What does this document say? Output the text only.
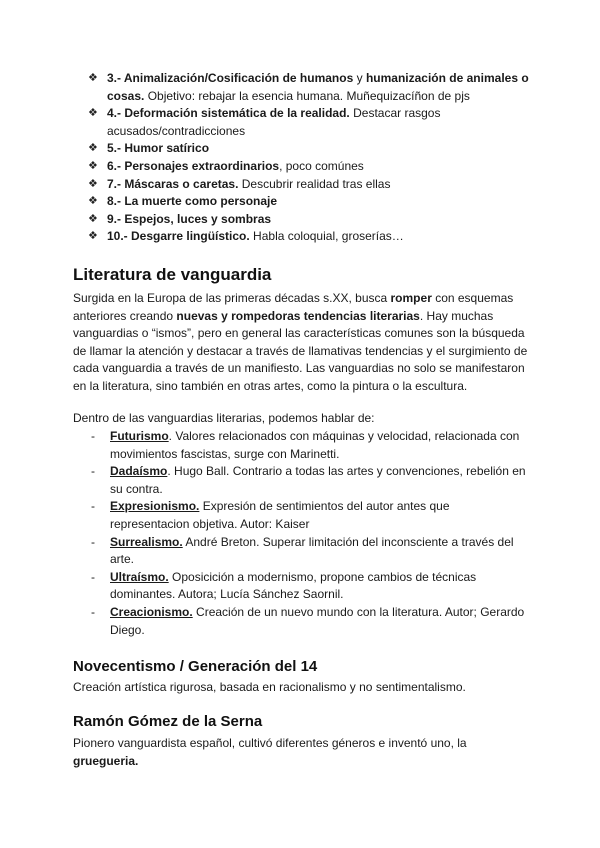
❖ 3.- Animalización/Cosificación de humanos y humanización de animales o cosas. Objetivo: rebajar la esencia humana. Muñequizacíñon de pjs
❖ 4.- Deformación sistemática de la realidad. Destacar rasgos acusados/contradicciones
❖ 5.- Humor satírico
❖ 6.- Personajes extraordinarios, poco comúnes
❖ 7.- Máscaras o caretas. Descubrir realidad tras ellas
❖ 8.- La muerte como personaje
❖ 9.- Espejos, luces y sombras
❖ 10.- Desgarre lingüístico. Habla coloquial, groserías…
Literatura de vanguardia

Surgida en la Europa de las primeras décadas s.XX, busca romper con esquemas anteriores creando nuevas y rompedoras tendencias literarias. Hay muchas vanguardias o “ismos”, pero en general las características comunes son la búsqueda de llamar la atención y destacar a través de llamativas tendencias y el surgimiento de cada vanguardia a través de un manifiesto. Las vanguardias no solo se manifestaron en la literatura, sino también en otras artes, como la pintura o la escultura.

Dentro de las vanguardias literarias, podemos hablar de:

- Futurismo. Valores relacionados con máquinas y velocidad, relacionada con movimientos fascistas, surge con Marinetti.
- Dadaísmo. Hugo Ball. Contrario a todas las artes y convenciones, rebelión en su contra.
- Expresionismo. Expresión de sentimientos del autor antes que representacion objetiva. Autor: Kaiser
- Surrealismo. André Breton. Superar limitación del inconsciente a través del arte.
- Ultraísmo. Oposicición a modernismo, propone cambios de técnicas dominantes. Autora; Lucía Sánchez Saornil.
- Creacionismo. Creación de un nuevo mundo con la literatura. Autor; Gerardo Diego.
Novecentismo / Generación del 14

Creación artística rigurosa, basada en racionalismo y no sentimentalismo.

Ramón Gómez de la Serna

Pionero vanguardista español, cultivó diferentes géneros e inventó uno, la gruegueria.
